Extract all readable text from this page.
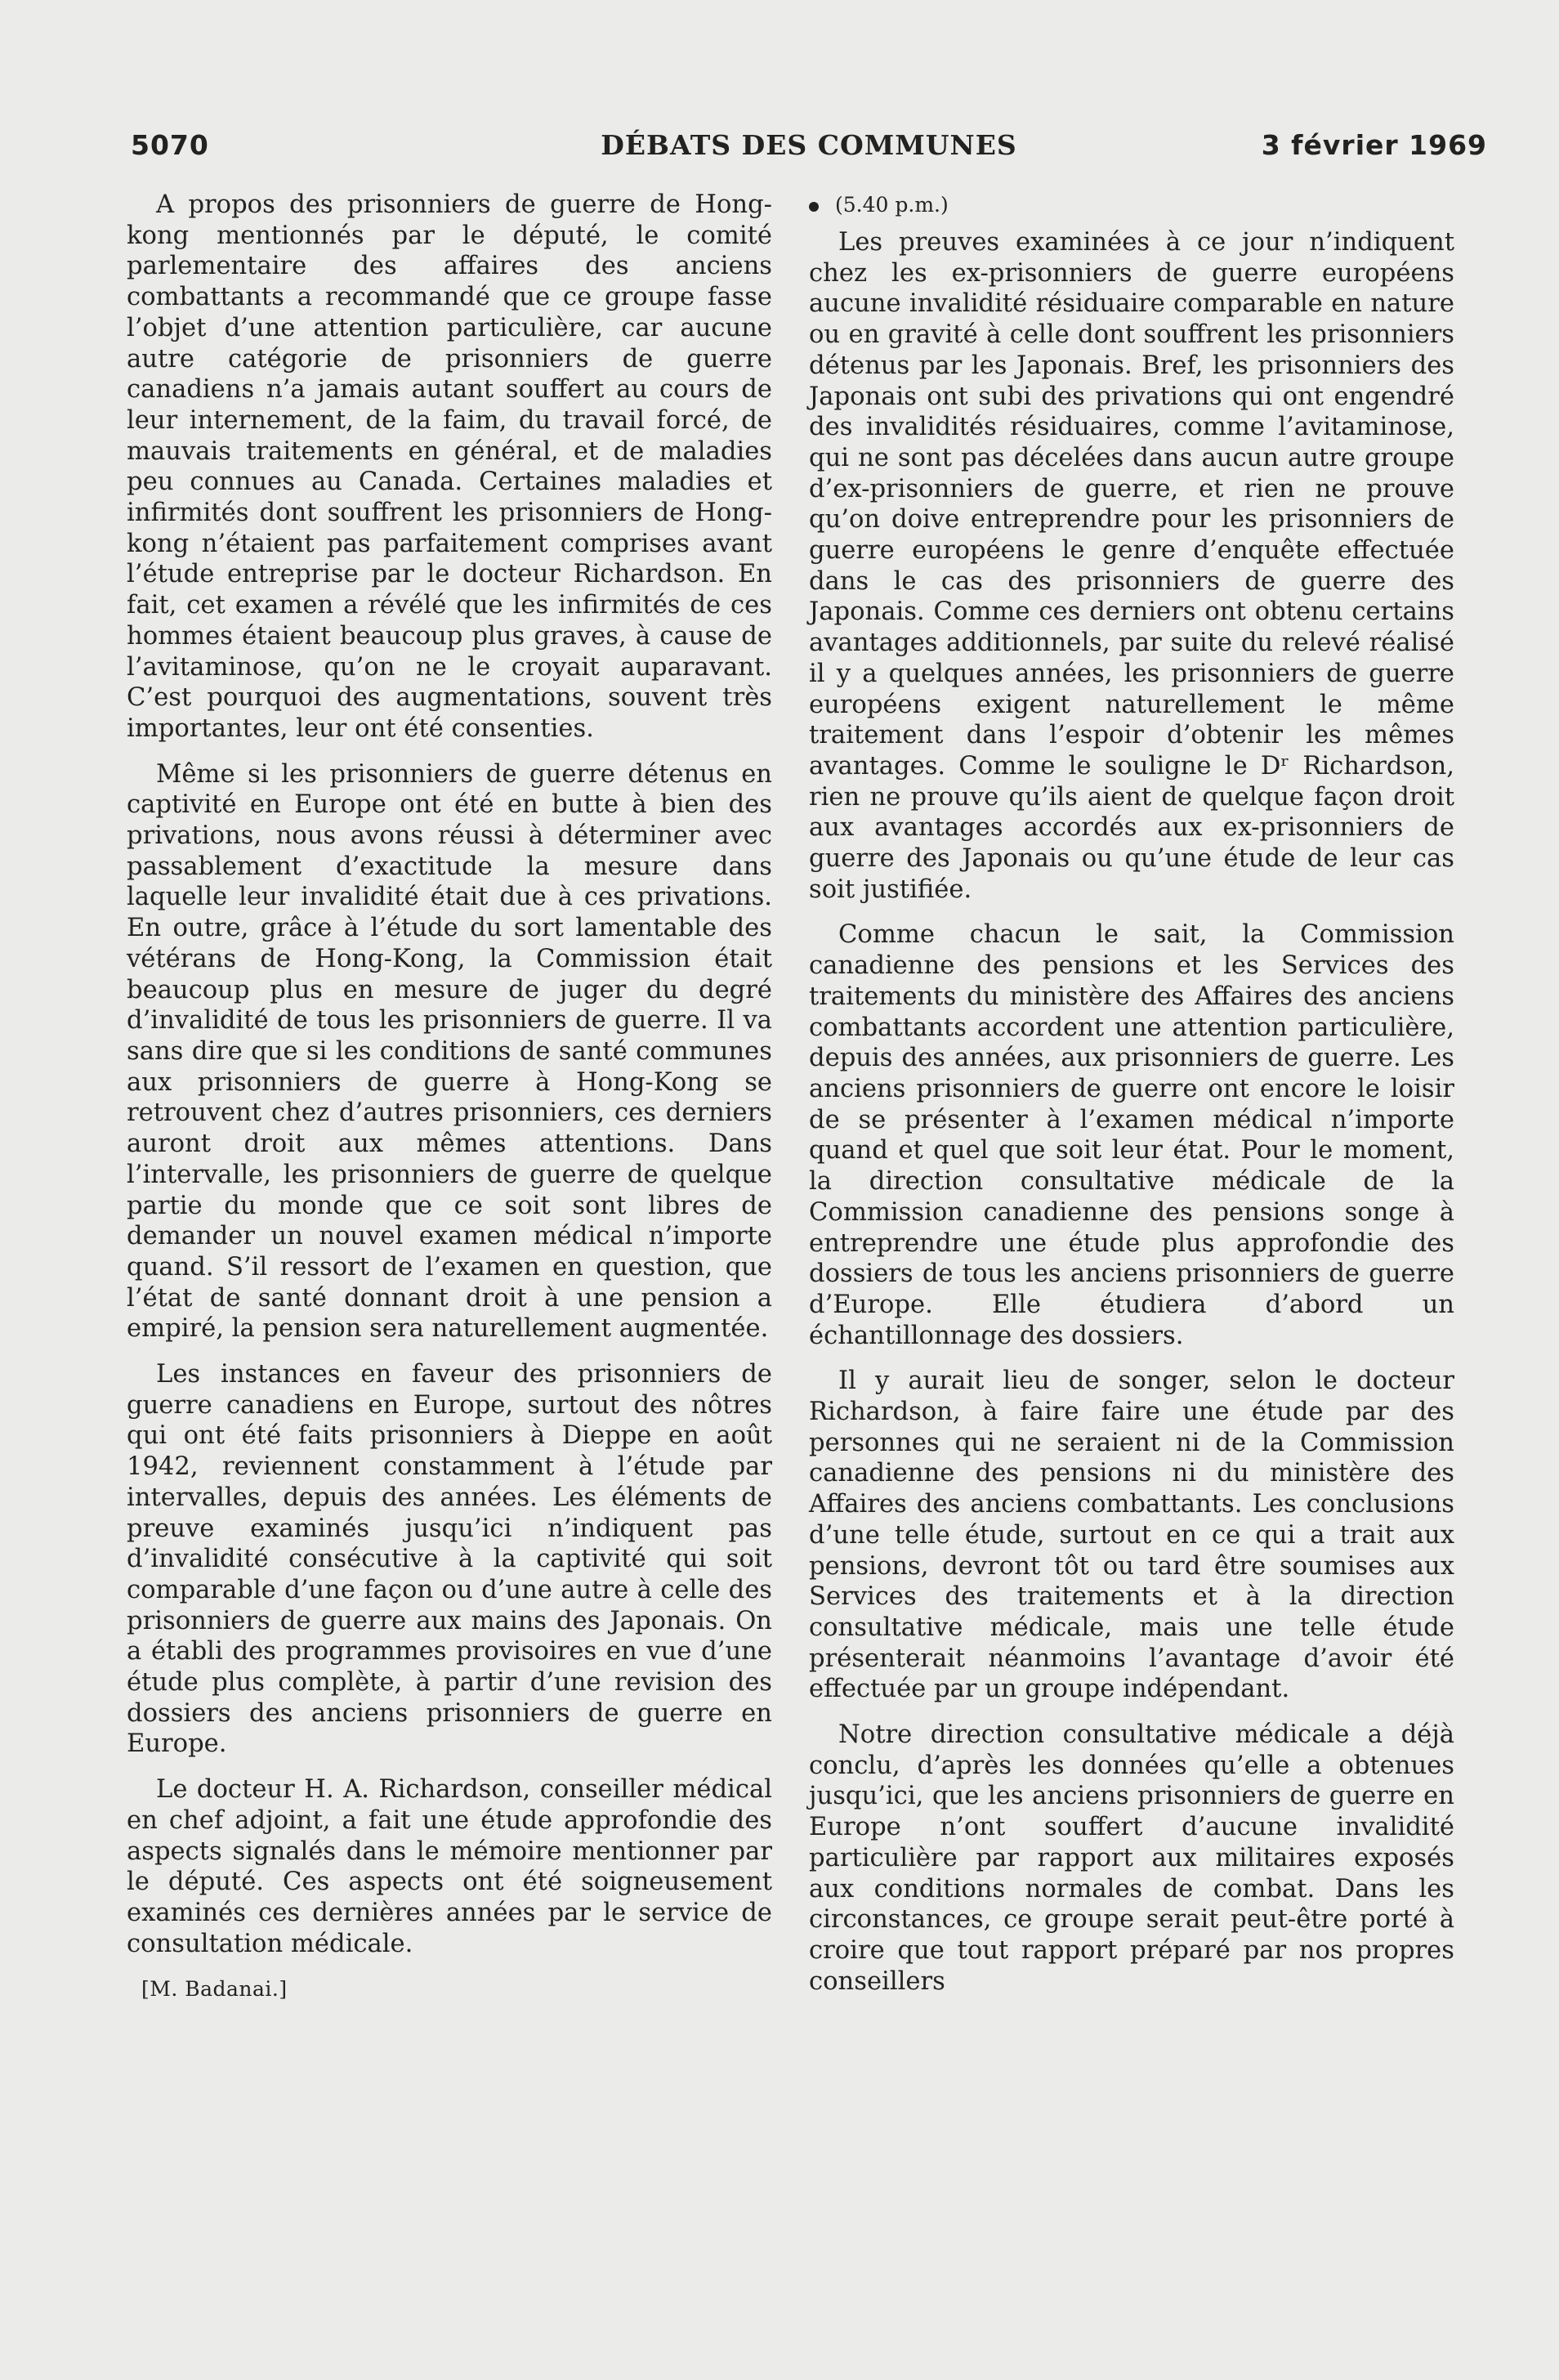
5070	DÉBATS DES COMMUNES	3 février 1969

A propos des prisonniers de guerre de Hong-kong mentionnés par le député, le comité parlementaire des affaires des anciens combattants a recommandé que ce groupe fasse l’objet d’une attention particulière, car aucune autre catégorie de prisonniers de guerre canadiens n’a jamais autant souffert au cours de leur internement, de la faim, du travail forcé, de mauvais traitements en général, et de maladies peu connues au Canada. Certaines maladies et infirmités dont souffrent les prisonniers de Hong-kong n’étaient pas parfaitement comprises avant l’étude entreprise par le docteur Richardson. En fait, cet examen a révélé que les infirmités de ces hommes étaient beaucoup plus graves, à cause de l’avitaminose, qu’on ne le croyait auparavant. C’est pourquoi des augmentations, souvent très importantes, leur ont été consenties.

Même si les prisonniers de guerre détenus en captivité en Europe ont été en butte à bien des privations, nous avons réussi à déterminer avec passablement d’exactitude la mesure dans laquelle leur invalidité était due à ces privations. En outre, grâce à l’étude du sort lamentable des vétérans de Hong-Kong, la Commission était beaucoup plus en mesure de juger du degré d’invalidité de tous les prisonniers de guerre. Il va sans dire que si les conditions de santé communes aux prisonniers de guerre à Hong-Kong se retrouvent chez d’autres prisonniers, ces derniers auront droit aux mêmes attentions. Dans l’intervalle, les prisonniers de guerre de quelque partie du monde que ce soit sont libres de demander un nouvel examen médical n’importe quand. S’il ressort de l’examen en question, que l’état de santé donnant droit à une pension a empiré, la pension sera naturellement augmentée.

Les instances en faveur des prisonniers de guerre canadiens en Europe, surtout des nôtres qui ont été faits prisonniers à Dieppe en août 1942, reviennent constamment à l’étude par intervalles, depuis des années. Les éléments de preuve examinés jusqu’ici n’indiquent pas d’invalidité consécutive à la captivité qui soit comparable d’une façon ou d’une autre à celle des prisonniers de guerre aux mains des Japonais. On a établi des programmes provisoires en vue d’une étude plus complète, à partir d’une revision des dossiers des anciens prisonniers de guerre en Europe.

Le docteur H. A. Richardson, conseiller médical en chef adjoint, a fait une étude approfondie des aspects signalés dans le mémoire mentionner par le député. Ces aspects ont été soigneusement examinés ces dernières années par le service de consultation médicale.

[M. Badanai.]
(5.40 p.m.)

Les preuves examinées à ce jour n’indiquent chez les ex-prisonniers de guerre européens aucune invalidité résiduaire comparable en nature ou en gravité à celle dont souffrent les prisonniers détenus par les Japonais. Bref, les prisonniers des Japonais ont subi des privations qui ont engendré des invalidités résiduaires, comme l’avitaminose, qui ne sont pas décelées dans aucun autre groupe d’ex-prisonniers de guerre, et rien ne prouve qu’on doive entreprendre pour les prisonniers de guerre européens le genre d’enquête effectuée dans le cas des prisonniers de guerre des Japonais. Comme ces derniers ont obtenu certains avantages additionnels, par suite du relevé réalisé il y a quelques années, les prisonniers de guerre européens exigent naturellement le même traitement dans l’espoir d’obtenir les mêmes avantages. Comme le souligne le Dʳ Richardson, rien ne prouve qu’ils aient de quelque façon droit aux avantages accordés aux ex-prisonniers de guerre des Japonais ou qu’une étude de leur cas soit justifiée.

Comme chacun le sait, la Commission canadienne des pensions et les Services des traitements du ministère des Affaires des anciens combattants accordent une attention particulière, depuis des années, aux prisonniers de guerre. Les anciens prisonniers de guerre ont encore le loisir de se présenter à l’examen médical n’importe quand et quel que soit leur état. Pour le moment, la direction consultative médicale de la Commission canadienne des pensions songe à entreprendre une étude plus approfondie des dossiers de tous les anciens prisonniers de guerre d’Europe. Elle étudiera d’abord un échantillonnage des dossiers.

Il y aurait lieu de songer, selon le docteur Richardson, à faire faire une étude par des personnes qui ne seraient ni de la Commission canadienne des pensions ni du ministère des Affaires des anciens combattants. Les conclusions d’une telle étude, surtout en ce qui a trait aux pensions, devront tôt ou tard être soumises aux Services des traitements et à la direction consultative médicale, mais une telle étude présenterait néanmoins l’avantage d’avoir été effectuée par un groupe indépendant.

Notre direction consultative médicale a déjà conclu, d’après les données qu’elle a obtenues jusqu’ici, que les anciens prisonniers de guerre en Europe n’ont souffert d’aucune invalidité particulière par rapport aux militaires exposés aux conditions normales de combat. Dans les circonstances, ce groupe serait peut-être porté à croire que tout rapport préparé par nos propres conseillers
